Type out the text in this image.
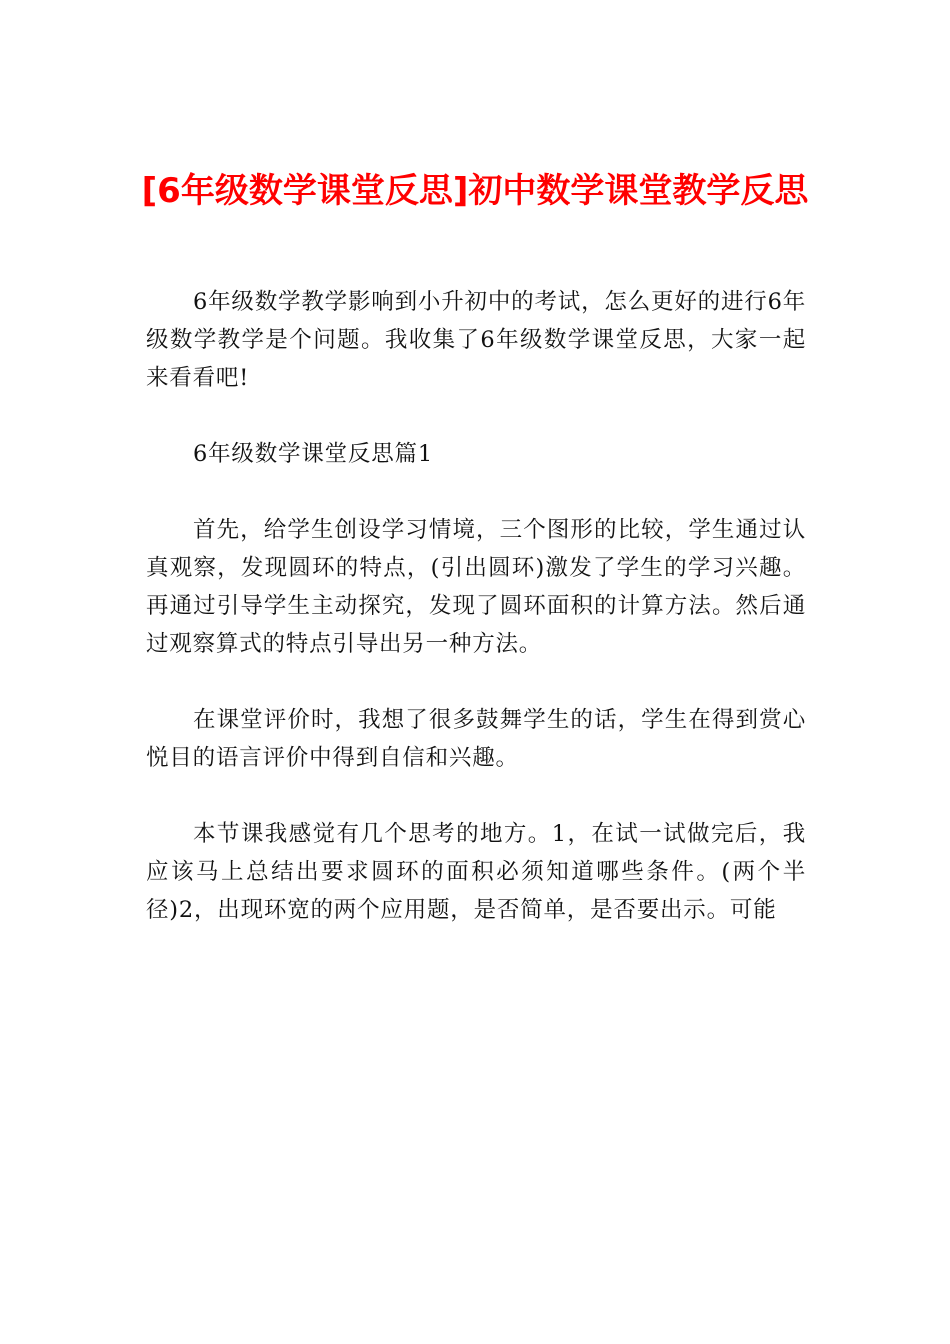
[6年级数学课堂反思]初中数学课堂教学反思

6年级数学教学影响到小升初中的考试，怎么更好的进行6年级数学教学是个问题。我收集了6年级数学课堂反思，大家一起来看看吧!

6年级数学课堂反思篇1

首先，给学生创设学习情境，三个图形的比较，学生通过认真观察，发现圆环的特点，(引出圆环)激发了学生的学习兴趣。再通过引导学生主动探究，发现了圆环面积的计算方法。然后通过观察算式的特点引导出另一种方法。

在课堂评价时，我想了很多鼓舞学生的话，学生在得到赏心悦目的语言评价中得到自信和兴趣。

本节课我感觉有几个思考的地方。1，在试一试做完后，我应该马上总结出要求圆环的面积必须知道哪些条件。(两个半径)2，出现环宽的两个应用题，是否简单，是否要出示。可能
